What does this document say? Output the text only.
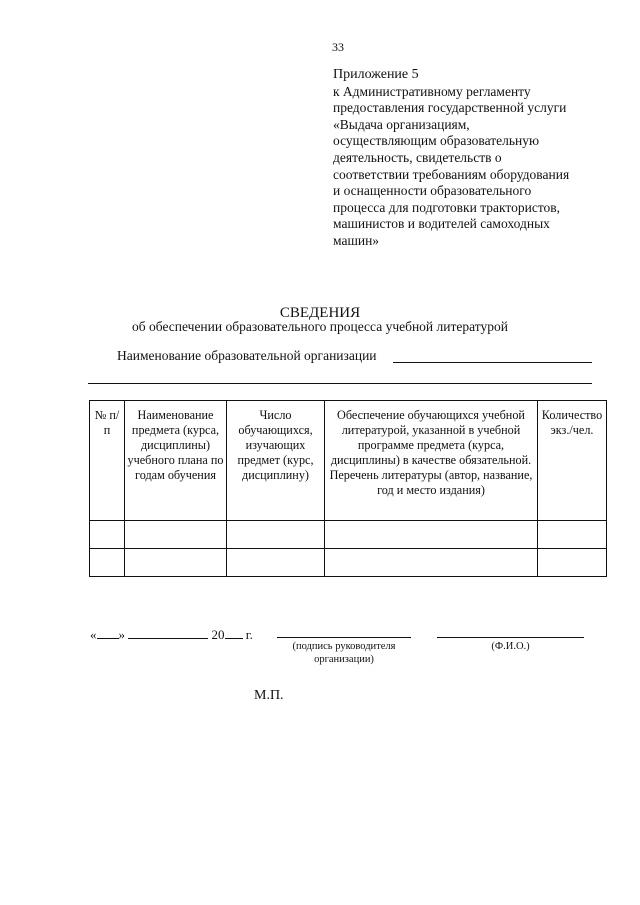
33
Приложение 5
к Административному регламенту
предоставления государственной услуги
«Выдача организациям,
осуществляющим образовательную
деятельность, свидетельств о
соответствии требованиям оборудования
и оснащенности образовательного
процесса для подготовки трактористов,
машинистов и водителей самоходных
машин»
СВЕДЕНИЯ
об обеспечении образовательного процесса учебной литературой
Наименование образовательной организации
№ п/п	Наименование предмета (курса, дисциплины) учебного плана по годам обучения	Число обучающихся, изучающих предмет (курс, дисциплину)	Обеспечение обучающихся учебной литературой, указанной в учебной программе предмета (курса, дисциплины) в качестве обязательной. Перечень литературы (автор, название, год и место издания)	Количество экз./чел.

« »	20 г.
(подпись руководителя организации)
(Ф.И.О.)
М.П.
